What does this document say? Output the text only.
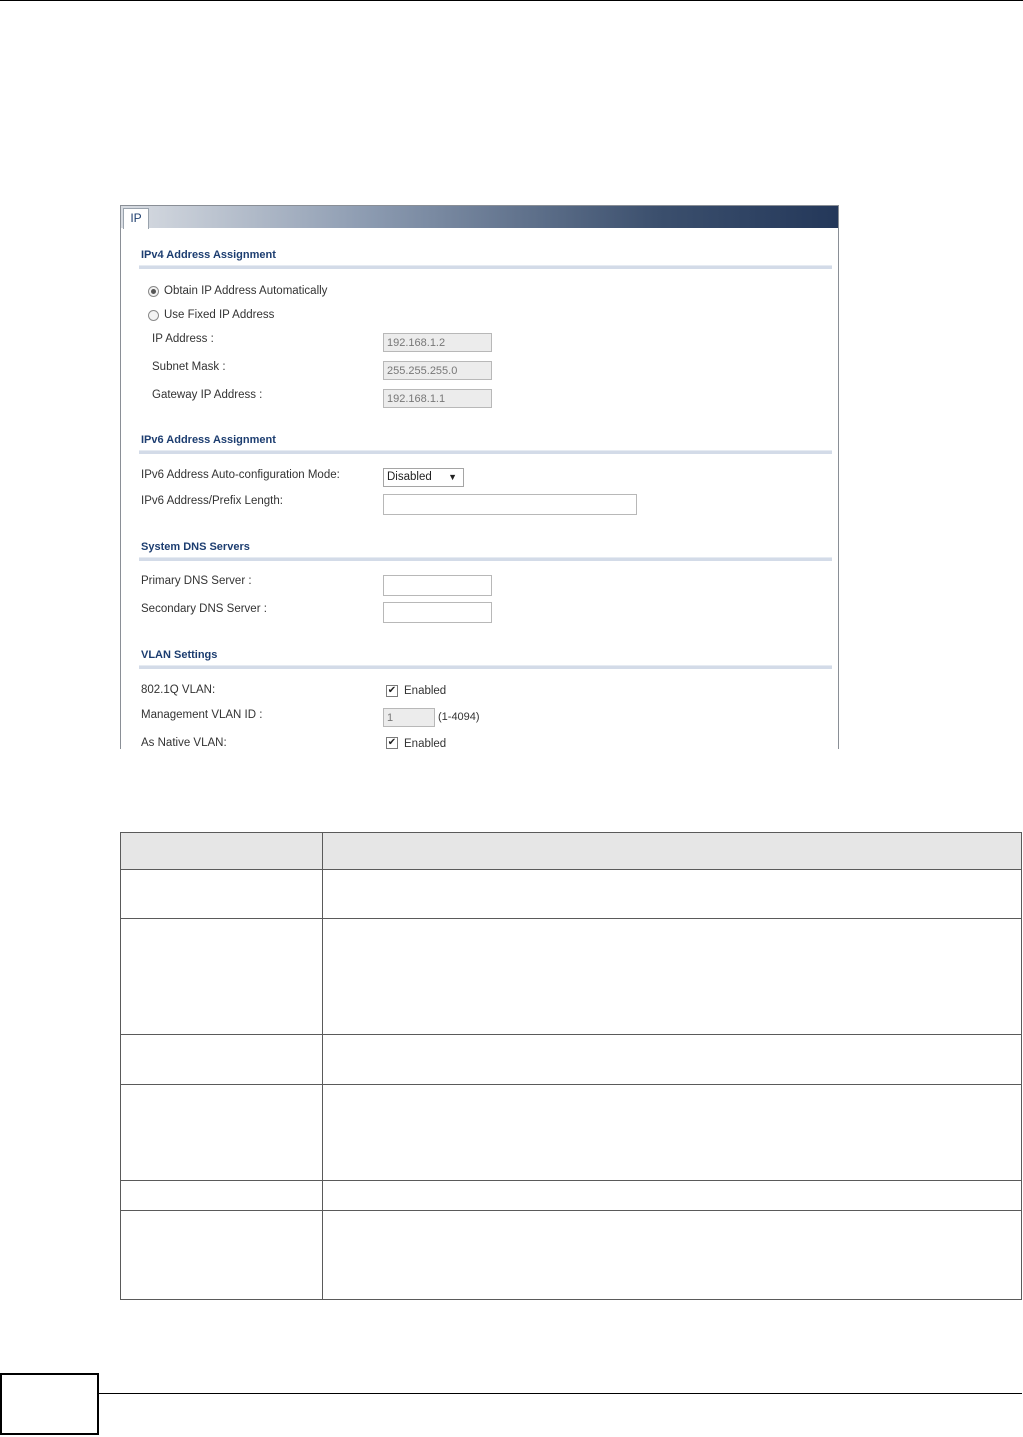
IP
IPv4 Address Assignment
Obtain IP Address Automatically
Use Fixed IP Address
IP Address :	192.168.1.2
Subnet Mask :	255.255.255.0
Gateway IP Address :	192.168.1.1
IPv6 Address Assignment
IPv6 Address Auto-configuration Mode:	Disabled ▼
IPv6 Address/Prefix Length:
System DNS Servers
Primary DNS Server :
Secondary DNS Server :
VLAN Settings
802.1Q VLAN:	✔ Enabled
Management VLAN ID :	1	(1-4094)
As Native VLAN:	✔ Enabled
